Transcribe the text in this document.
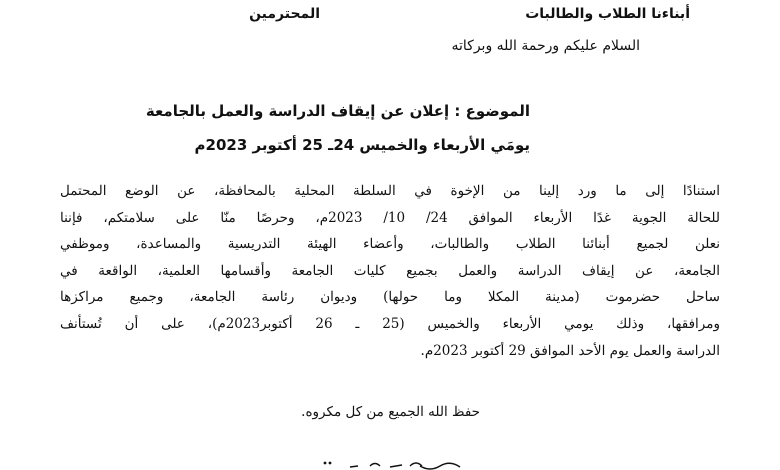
أبناءنا الطلاب والطالبات
المحترمين
السلام عليكم ورحمة الله وبركاته
الموضوع : إعلان عن إيقاف الدراسة والعمل بالجامعة
يومَي الأربعاء والخميس 24ـ 25 أكتوبر 2023م
استنادًا إلى ما ورد إلينا من الإخوة في السلطة المحلية بالمحافظة، عن الوضع المحتمل
للحالة الجوية غدًا الأربعاء الموافق 24/ 10/ 2023م، وحرصًا منّا على سلامتكم، فإننا
نعلن لجميع أبنائنا الطلاب والطالبات، وأعضاء الهيئة التدريسية والمساعدة، وموظفي
الجامعة، عن إيقاف الدراسة والعمل بجميع كليات الجامعة وأقسامها العلمية، الواقعة في
ساحل حضرموت (مدينة المكلا وما حولها) وديوان رئاسة الجامعة، وجميع مراكزها
ومرافقها، وذلك يومي الأربعاء والخميس (25 ـ 26 أكتوبر2023م)، على أن تُستأنف
الدراسة والعمل يوم الأحد الموافق 29 أكتوبر 2023م.
حفظ الله الجميع من كل مكروه.
